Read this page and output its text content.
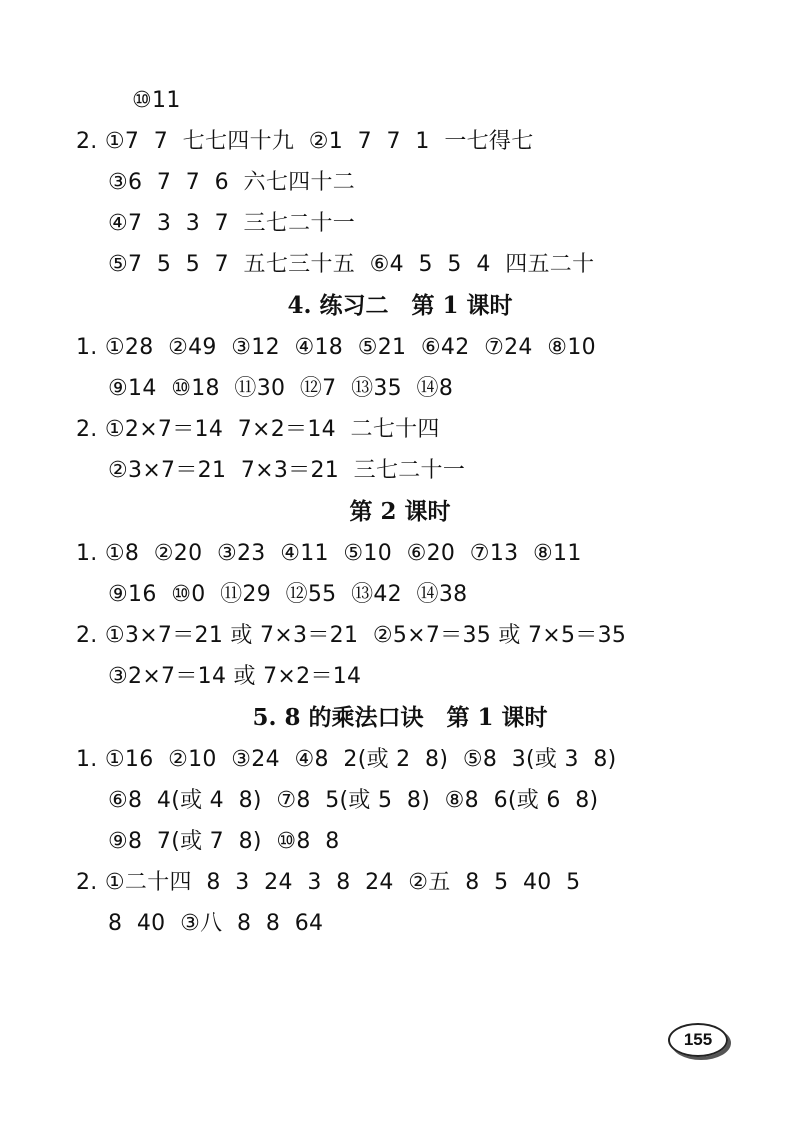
⑩11
2. ①7  7  七七四十九  ②1  7  7  1  一七得七
③6  7  7  6  六七四十二
④7  3  3  7  三七二十一
⑤7  5  5  7  五七三十五  ⑥4  5  5  4  四五二十
4. 练习二　第 1 课时
1. ①28  ②49  ③12  ④18  ⑤21  ⑥42  ⑦24  ⑧10
⑨14  ⑩18  ⑪30  ⑫7  ⑬35  ⑭8
2. ①2×7＝14  7×2＝14  二七十四
②3×7＝21  7×3＝21  三七二十一
第 2 课时
1. ①8  ②20  ③23  ④11  ⑤10  ⑥20  ⑦13  ⑧11
⑨16  ⑩0  ⑪29  ⑫55  ⑬42  ⑭38
2. ①3×7＝21 或 7×3＝21  ②5×7＝35 或 7×5＝35
③2×7＝14 或 7×2＝14
5. 8 的乘法口诀　第 1 课时
1. ①16  ②10  ③24  ④8  2(或 2  8)  ⑤8  3(或 3  8)
⑥8  4(或 4  8)  ⑦8  5(或 5  8)  ⑧8  6(或 6  8)
⑨8  7(或 7  8)  ⑩8  8
2. ①二十四  8  3  24  3  8  24  ②五  8  5  40  5
8  40  ③八  8  8  64
155
